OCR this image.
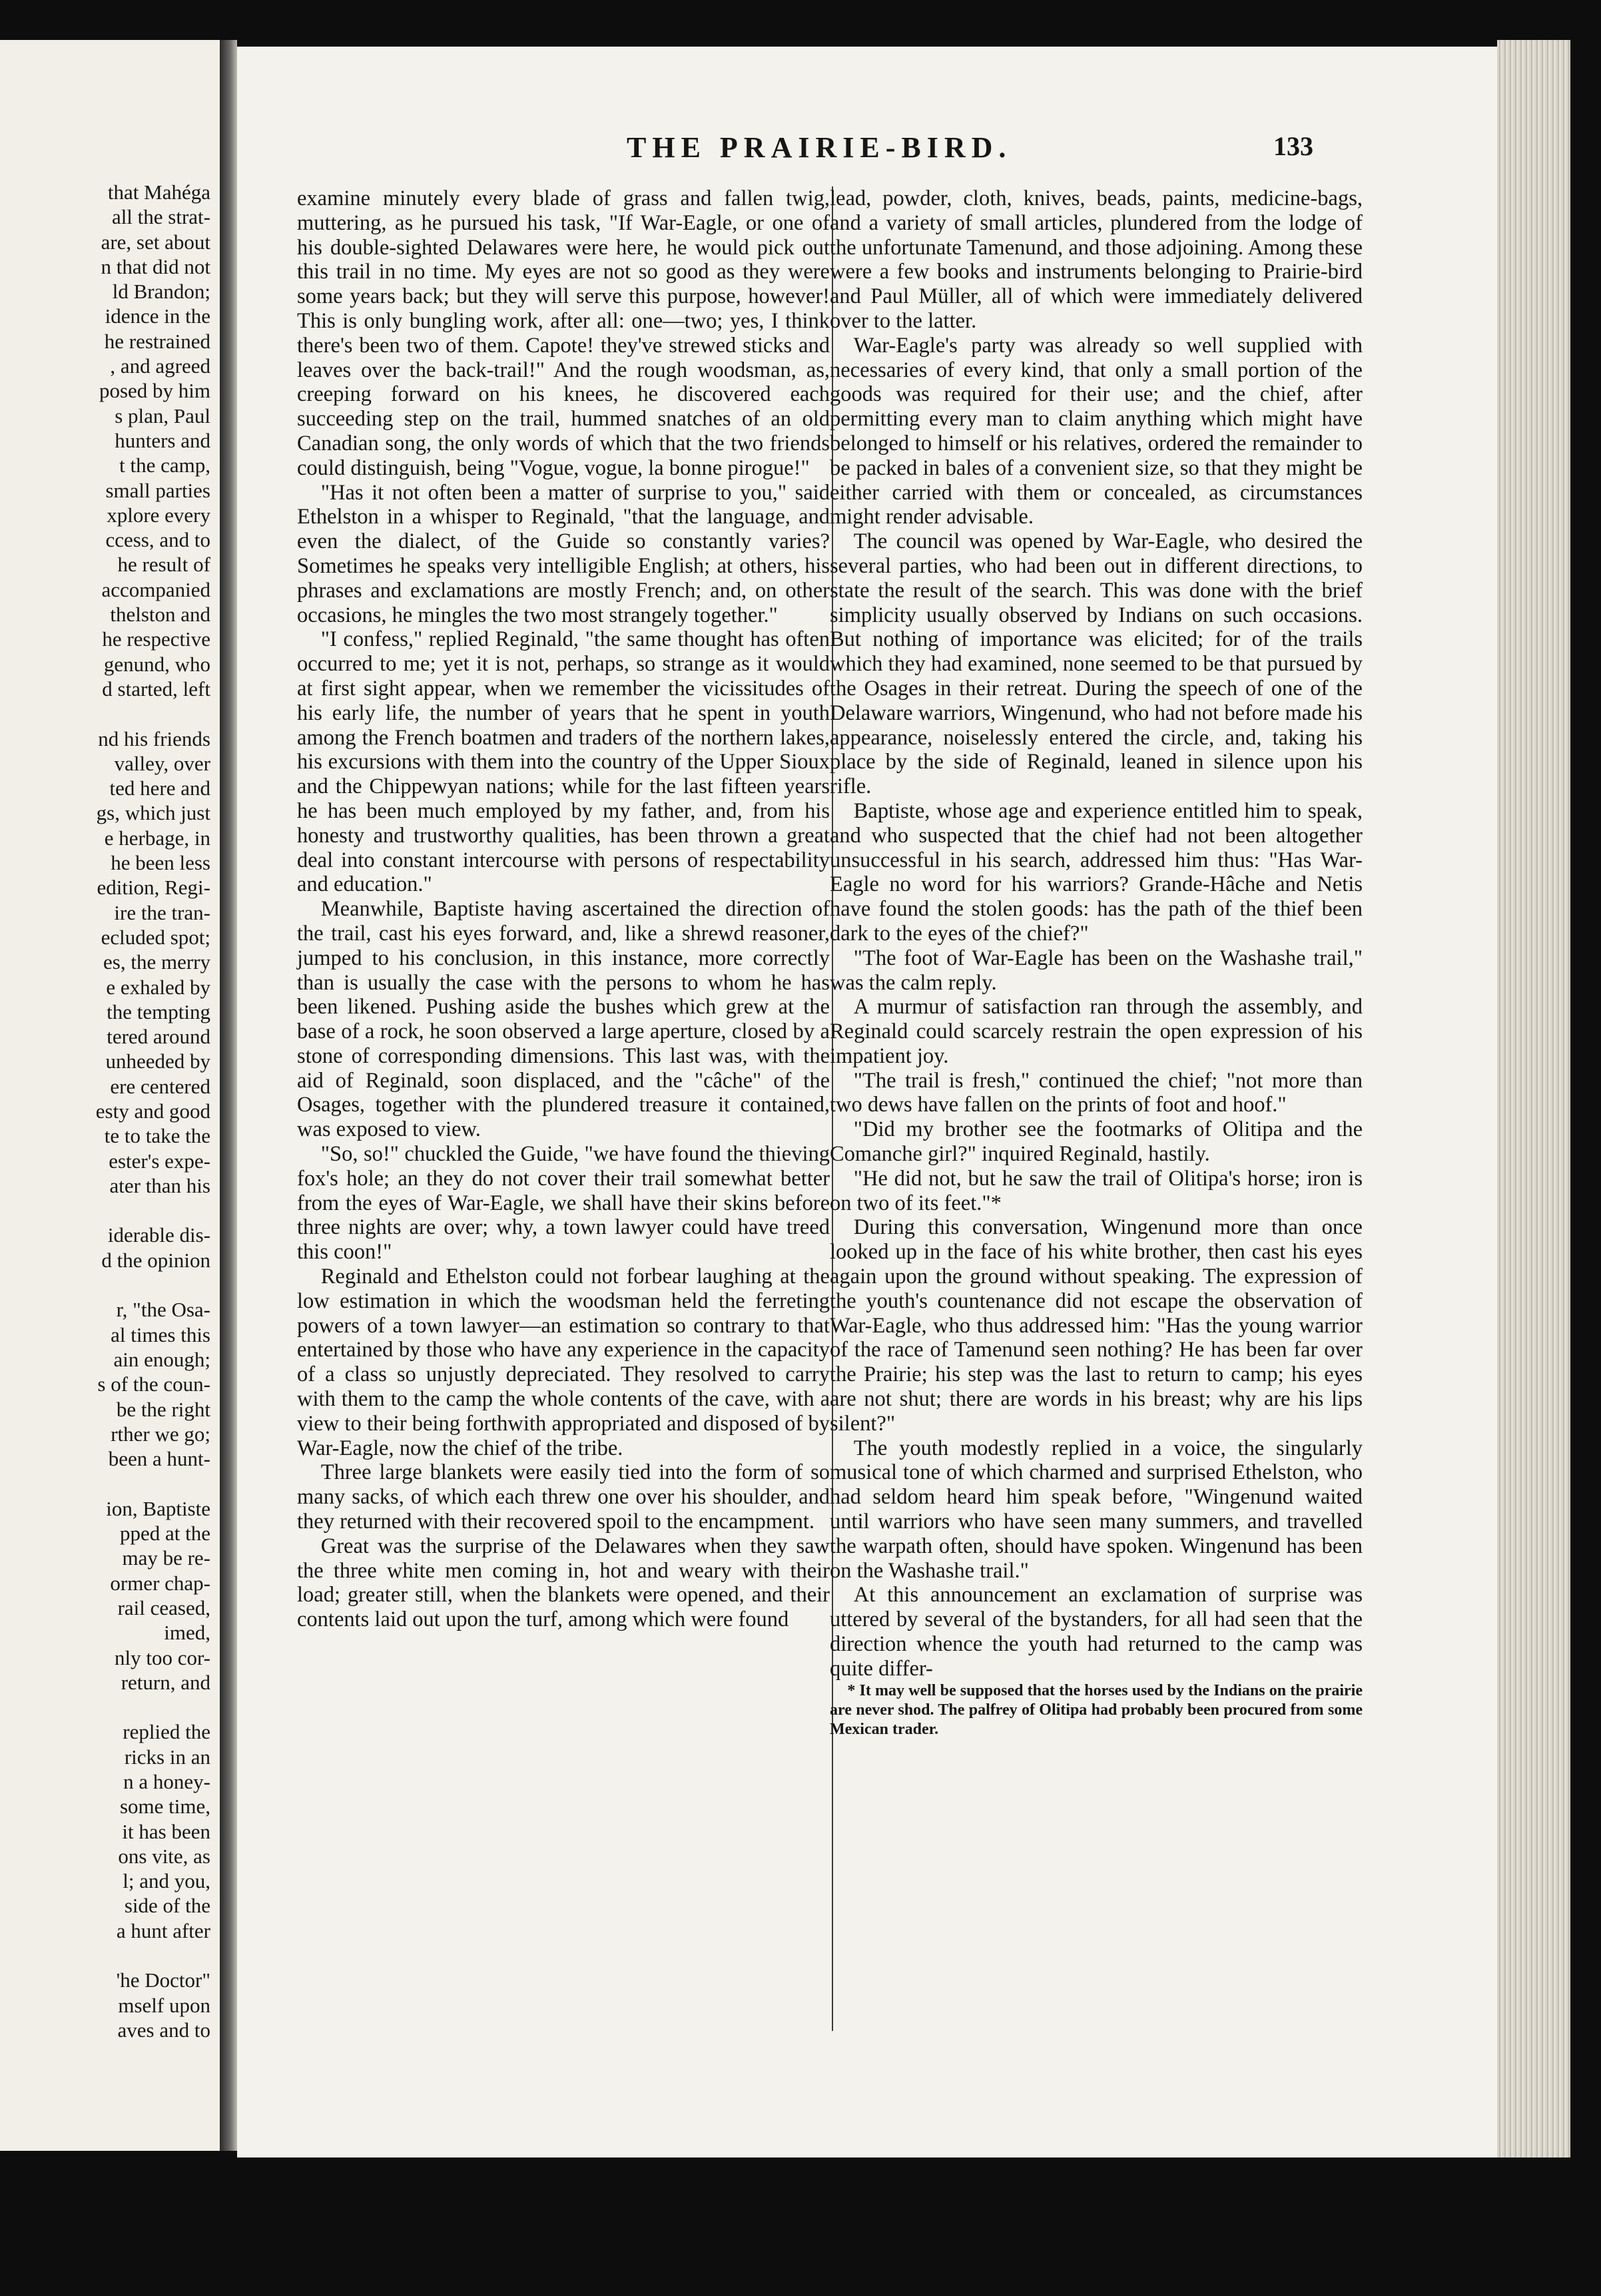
that Mahéga
all the strat-
are, set about
n that did not
ld Brandon;
idence in the
he restrained
, and agreed
posed by him
s plan, Paul
hunters and
t the camp,
small parties
xplore every
ccess, and to
he result of
accompanied
thelston and
he respective
genund, who
d started, left

nd his friends
valley, over
ted here and
gs, which just
e herbage, in
he been less
edition, Regi-
ire the tran-
ecluded spot;
es, the merry
e exhaled by
the tempting
tered around
unheeded by
ere centered
esty and good
te to take the
ester's expe-
ater than his

iderable dis-
d the opinion

r, "the Osa-
al times this
ain enough;
s of the coun-
be the right
rther we go;
been a hunt-

ion, Baptiste
pped at the
may be re-
ormer chap-
rail ceased,
imed,
nly too cor-
return, and

replied the
ricks in an
n a honey-
some time,
it has been
ons vite, as
l; and you,
side of the
a hunt after

'he Doctor"
mself upon
aves and to
THE PRAIRIE-BIRD.	133

examine minutely every blade of grass and fallen twig, muttering, as he pursued his task, "If War-Eagle, or one of his double-sighted Delawares were here, he would pick out this trail in no time. My eyes are not so good as they were some years back; but they will serve this purpose, however! This is only bungling work, after all: one—two; yes, I think there's been two of them. Capote! they've strewed sticks and leaves over the back-trail!" And the rough woodsman, as, creeping forward on his knees, he discovered each succeeding step on the trail, hummed snatches of an old Canadian song, the only words of which that the two friends could distinguish, being "Vogue, vogue, la bonne pirogue!"

"Has it not often been a matter of surprise to you," said Ethelston in a whisper to Reginald, "that the language, and even the dialect, of the Guide so constantly varies? Sometimes he speaks very intelligible English; at others, his phrases and exclamations are mostly French; and, on other occasions, he mingles the two most strangely together."

"I confess," replied Reginald, "the same thought has often occurred to me; yet it is not, perhaps, so strange as it would at first sight appear, when we remember the vicissitudes of his early life, the number of years that he spent in youth among the French boatmen and traders of the northern lakes, his excursions with them into the country of the Upper Sioux and the Chippewyan nations; while for the last fifteen years he has been much employed by my father, and, from his honesty and trustworthy qualities, has been thrown a great deal into constant intercourse with persons of respectability and education."

Meanwhile, Baptiste having ascertained the direction of the trail, cast his eyes forward, and, like a shrewd reasoner, jumped to his conclusion, in this instance, more correctly than is usually the case with the persons to whom he has been likened. Pushing aside the bushes which grew at the base of a rock, he soon observed a large aperture, closed by a stone of corresponding dimensions. This last was, with the aid of Reginald, soon displaced, and the "câche" of the Osages, together with the plundered treasure it contained, was exposed to view.

"So, so!" chuckled the Guide, "we have found the thieving fox's hole; an they do not cover their trail somewhat better from the eyes of War-Eagle, we shall have their skins before three nights are over; why, a town lawyer could have treed this coon!"

Reginald and Ethelston could not forbear laughing at the low estimation in which the woodsman held the ferreting powers of a town lawyer—an estimation so contrary to that entertained by those who have any experience in the capacity of a class so unjustly depreciated. They resolved to carry with them to the camp the whole contents of the cave, with a view to their being forthwith appropriated and disposed of by War-Eagle, now the chief of the tribe.

Three large blankets were easily tied into the form of so many sacks, of which each threw one over his shoulder, and they returned with their recovered spoil to the encampment.

Great was the surprise of the Delawares when they saw the three white men coming in, hot and weary with their load; greater still, when the blankets were opened, and their contents laid out upon the turf, among which were found

lead, powder, cloth, knives, beads, paints, medicine-bags, and a variety of small articles, plundered from the lodge of the unfortunate Tamenund, and those adjoining. Among these were a few books and instruments belonging to Prairie-bird and Paul Müller, all of which were immediately delivered over to the latter.

War-Eagle's party was already so well supplied with necessaries of every kind, that only a small portion of the goods was required for their use; and the chief, after permitting every man to claim anything which might have belonged to himself or his relatives, ordered the remainder to be packed in bales of a convenient size, so that they might be either carried with them or concealed, as circumstances might render advisable.

The council was opened by War-Eagle, who desired the several parties, who had been out in different directions, to state the result of the search. This was done with the brief simplicity usually observed by Indians on such occasions. But nothing of importance was elicited; for of the trails which they had examined, none seemed to be that pursued by the Osages in their retreat. During the speech of one of the Delaware warriors, Wingenund, who had not before made his appearance, noiselessly entered the circle, and, taking his place by the side of Reginald, leaned in silence upon his rifle.

Baptiste, whose age and experience entitled him to speak, and who suspected that the chief had not been altogether unsuccessful in his search, addressed him thus: "Has War-Eagle no word for his warriors? Grande-Hâche and Netis have found the stolen goods: has the path of the thief been dark to the eyes of the chief?"

"The foot of War-Eagle has been on the Washashe trail," was the calm reply.

A murmur of satisfaction ran through the assembly, and Reginald could scarcely restrain the open expression of his impatient joy.

"The trail is fresh," continued the chief; "not more than two dews have fallen on the prints of foot and hoof."

"Did my brother see the footmarks of Olitipa and the Comanche girl?" inquired Reginald, hastily.

"He did not, but he saw the trail of Olitipa's horse; iron is on two of its feet."*

During this conversation, Wingenund more than once looked up in the face of his white brother, then cast his eyes again upon the ground without speaking. The expression of the youth's countenance did not escape the observation of War-Eagle, who thus addressed him: "Has the young warrior of the race of Tamenund seen nothing? He has been far over the Prairie; his step was the last to return to camp; his eyes are not shut; there are words in his breast; why are his lips silent?"

The youth modestly replied in a voice, the singularly musical tone of which charmed and surprised Ethelston, who had seldom heard him speak before, "Wingenund waited until warriors who have seen many summers, and travelled the warpath often, should have spoken. Wingenund has been on the Washashe trail."

At this announcement an exclamation of surprise was uttered by several of the bystanders, for all had seen that the direction whence the youth had returned to the camp was quite differ-

* It may well be supposed that the horses used by the Indians on the prairie are never shod. The palfrey of Olitipa had probably been procured from some Mexican trader.
